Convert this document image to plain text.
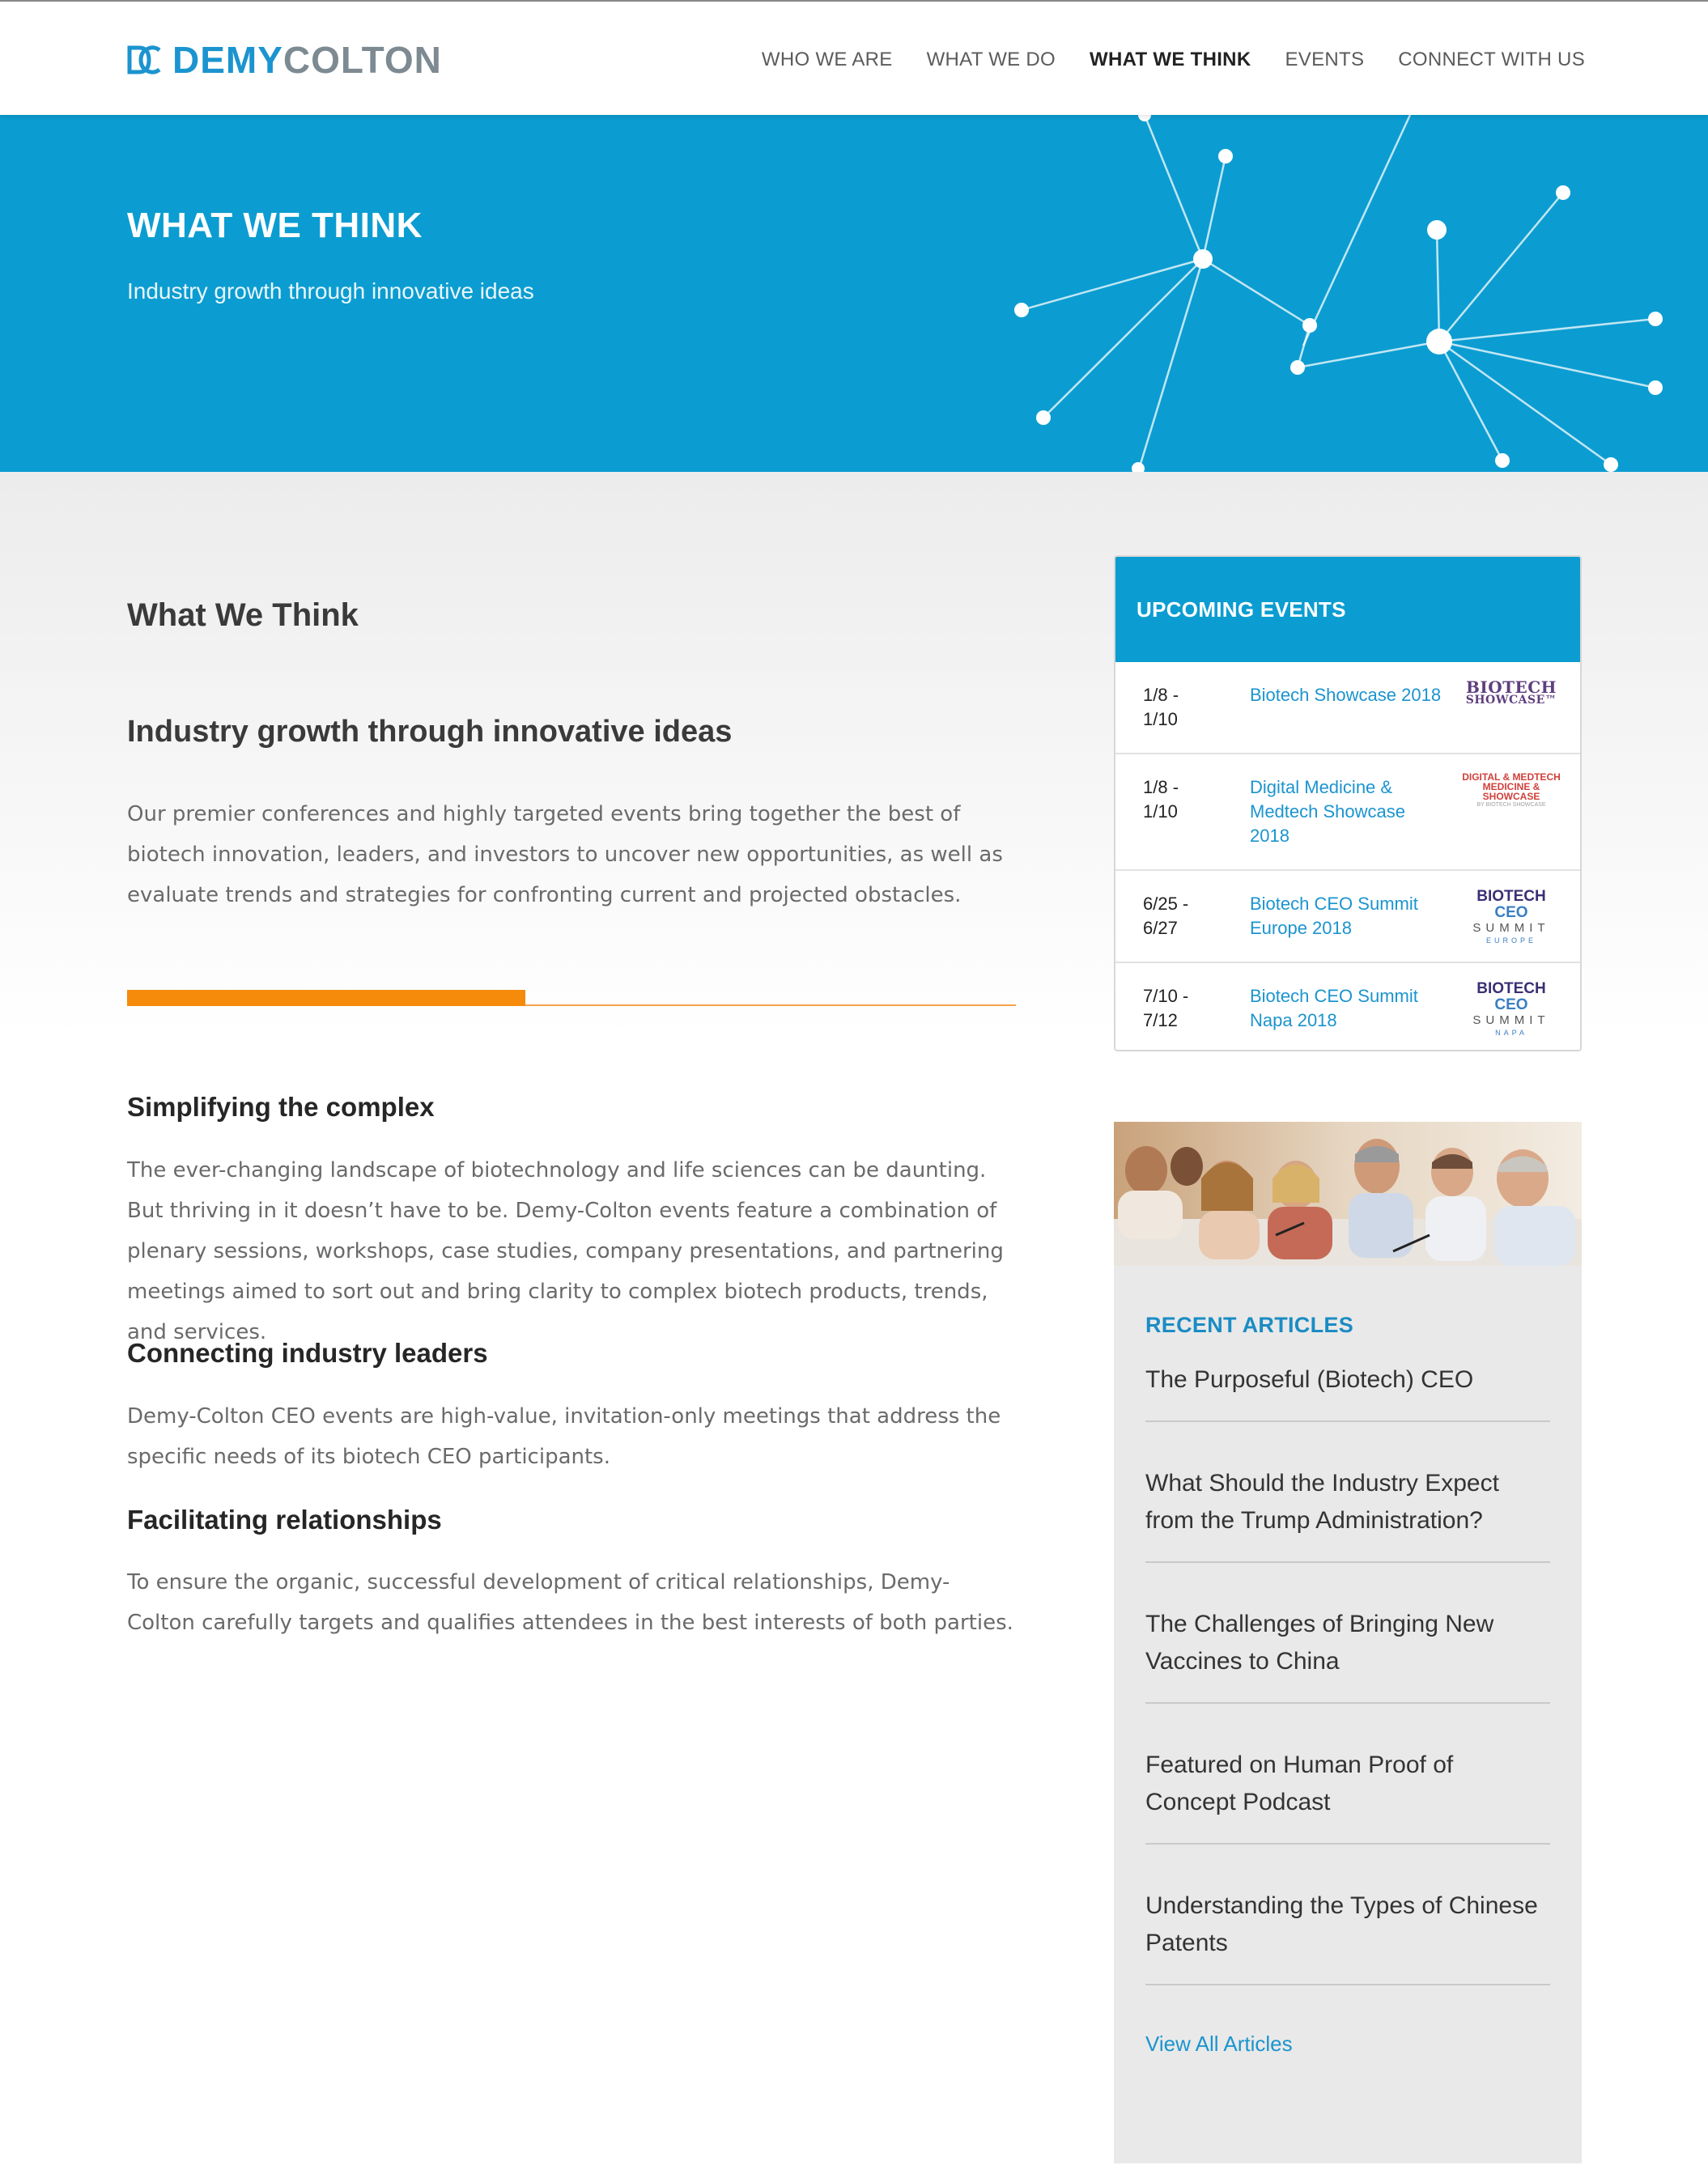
DEMYCOLTON	WHO WE ARE WHAT WE DO WHAT WE THINK EVENTS CONNECT WITH US
WHAT WE THINK

Industry growth through innovative ideas

What We Think
Industry growth through innovative ideas

Our premier conferences and highly targeted events bring together the best of biotech innovation, leaders, and investors to uncover new opportunities, as well as evaluate trends and strategies for confronting current and projected obstacles.

Simplifying the complex

The ever-changing landscape of biotechnology and life sciences can be daunting. But thriving in it doesn’t have to be. Demy-Colton events feature a combination of plenary sessions, workshops, case studies, company presentations, and partnering meetings aimed to sort out and bring clarity to complex biotech products, trends, and services.

Connecting industry leaders

Demy-Colton CEO events are high-value, invitation-only meetings that address the specific needs of its biotech CEO participants.

Facilitating relationships

To ensure the organic, successful development of critical relationships, Demy-Colton carefully targets and qualifies attendees in the best interests of both parties.

UPCOMING EVENTS
1/8 - 1/10
Biotech Showcase 2018	BIOTECH
SHOWCASE™
1/8 - 1/10
Digital Medicine & Medtech Showcase 2018
DIGITAL & MEDTECH
MEDICINE & SHOWCASE
BY BIOTECH SHOWCASE
6/25 - 6/27
Biotech CEO Summit Europe 2018
BIOTECH CEO
SUMMIT
EUROPE
7/10 - 7/12
Biotech CEO Summit Napa 2018
BIOTECH CEO
SUMMIT
NAPA
RECENT ARTICLES
The Purposeful (Biotech) CEO
What Should the Industry Expect from the Trump Administration?
The Challenges of Bringing New Vaccines to China
Featured on Human Proof of Concept Podcast
Understanding the Types of Chinese Patents
View All Articles
